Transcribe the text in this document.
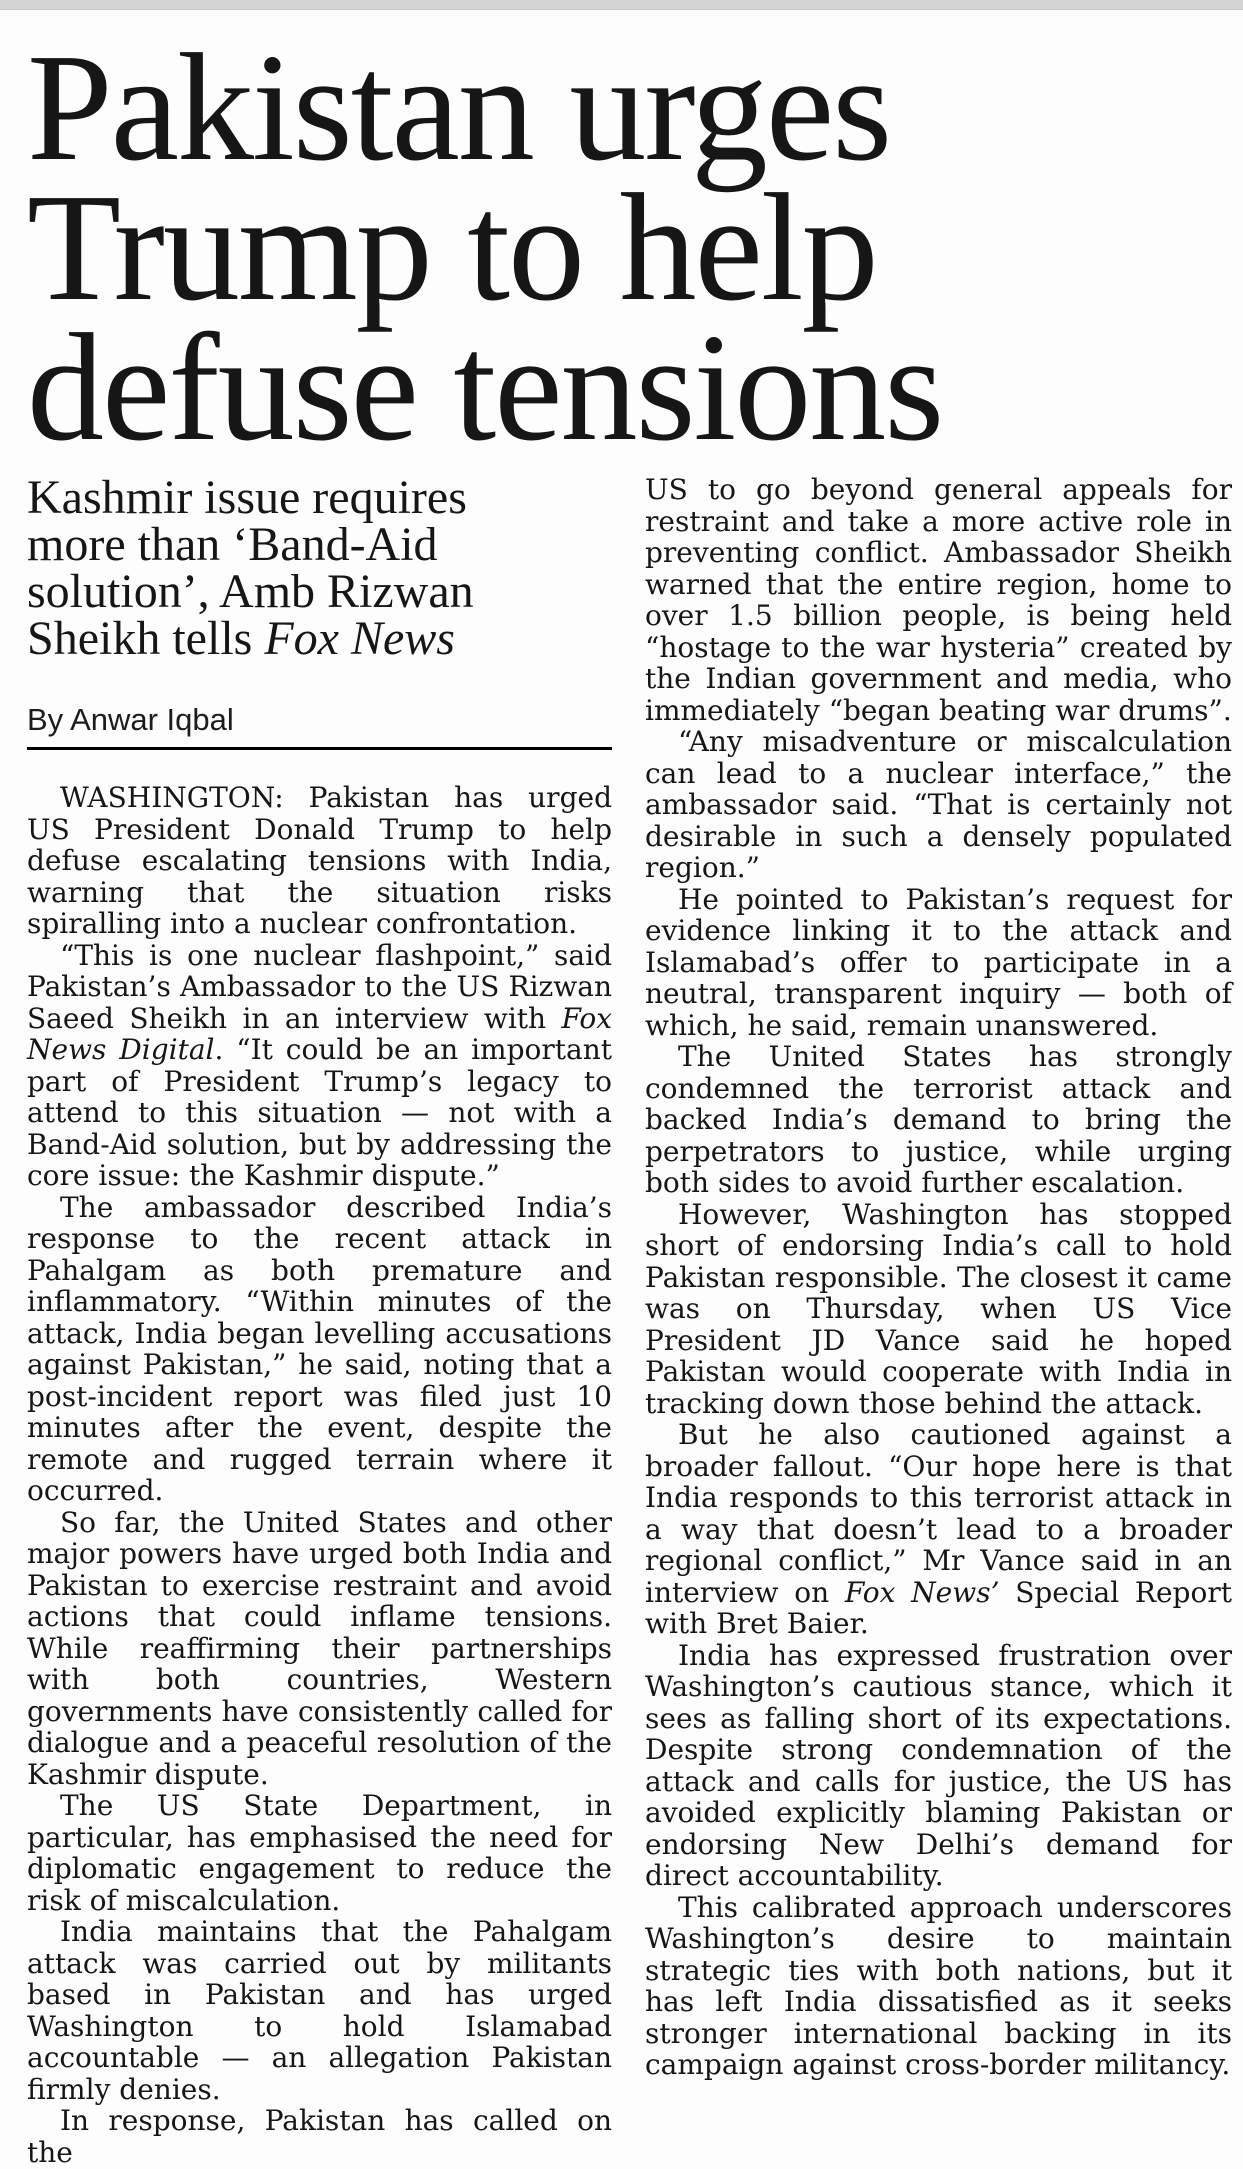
Pakistan urges
Trump to help
defuse tensions
Kashmir issue requires
more than ‘Band-Aid
solution’, Amb Rizwan
Sheikh tells Fox News
By Anwar Iqbal

WASHINGTON: Pakistan has urged US President Donald Trump to help defuse escalating tensions with India, warning that the situation risks spiralling into a nuclear confrontation.

“This is one nuclear flashpoint,” said Pakistan’s Ambassador to the US Rizwan Saeed Sheikh in an interview with Fox News Digital. “It could be an important part of President Trump’s legacy to attend to this situation — not with a Band-Aid solution, but by addressing the core issue: the Kashmir dispute.”

The ambassador described India’s response to the recent attack in Pahalgam as both premature and inflammatory. “Within minutes of the attack, India began levelling accusations against Pakistan,” he said, noting that a post-incident report was filed just 10 minutes after the event, despite the remote and rugged terrain where it occurred.

So far, the United States and other major powers have urged both India and Pakistan to exercise restraint and avoid actions that could inflame tensions. While reaffirming their partnerships with both countries, Western governments have consistently called for dialogue and a peaceful resolution of the Kashmir dispute.

The US State Department, in particular, has emphasised the need for diplomatic engagement to reduce the risk of miscalculation.

India maintains that the Pahalgam attack was carried out by militants based in Pakistan and has urged Washington to hold Islamabad accountable — an allegation Pakistan firmly denies.

In response, Pakistan has called on the

US to go beyond general appeals for restraint and take a more active role in preventing conflict. Ambassador Sheikh warned that the entire region, home to over 1.5 billion people, is being held “hostage to the war hysteria” created by the Indian government and media, who immediately “began beating war drums”.

“Any misadventure or miscalculation can lead to a nuclear interface,” the ambassador said. “That is certainly not desirable in such a densely populated region.”

He pointed to Pakistan’s request for evidence linking it to the attack and Islamabad’s offer to participate in a neutral, transparent inquiry — both of which, he said, remain unanswered.

The United States has strongly condemned the terrorist attack and backed India’s demand to bring the perpetrators to justice, while urging both sides to avoid further escalation.

However, Washington has stopped short of endorsing India’s call to hold Pakistan responsible. The closest it came was on Thursday, when US Vice President JD Vance said he hoped Pakistan would cooperate with India in tracking down those behind the attack.

But he also cautioned against a broader fallout. “Our hope here is that India responds to this terrorist attack in a way that doesn’t lead to a broader regional conflict,” Mr Vance said in an interview on Fox News’ Special Report with Bret Baier.

India has expressed frustration over Washington’s cautious stance, which it sees as falling short of its expectations. Despite strong condemnation of the attack and calls for justice, the US has avoided explicitly blaming Pakistan or endorsing New Delhi’s demand for direct accountability.

This calibrated approach underscores Washington’s desire to maintain strategic ties with both nations, but it has left India dissatisfied as it seeks stronger international backing in its campaign against cross-border militancy.
